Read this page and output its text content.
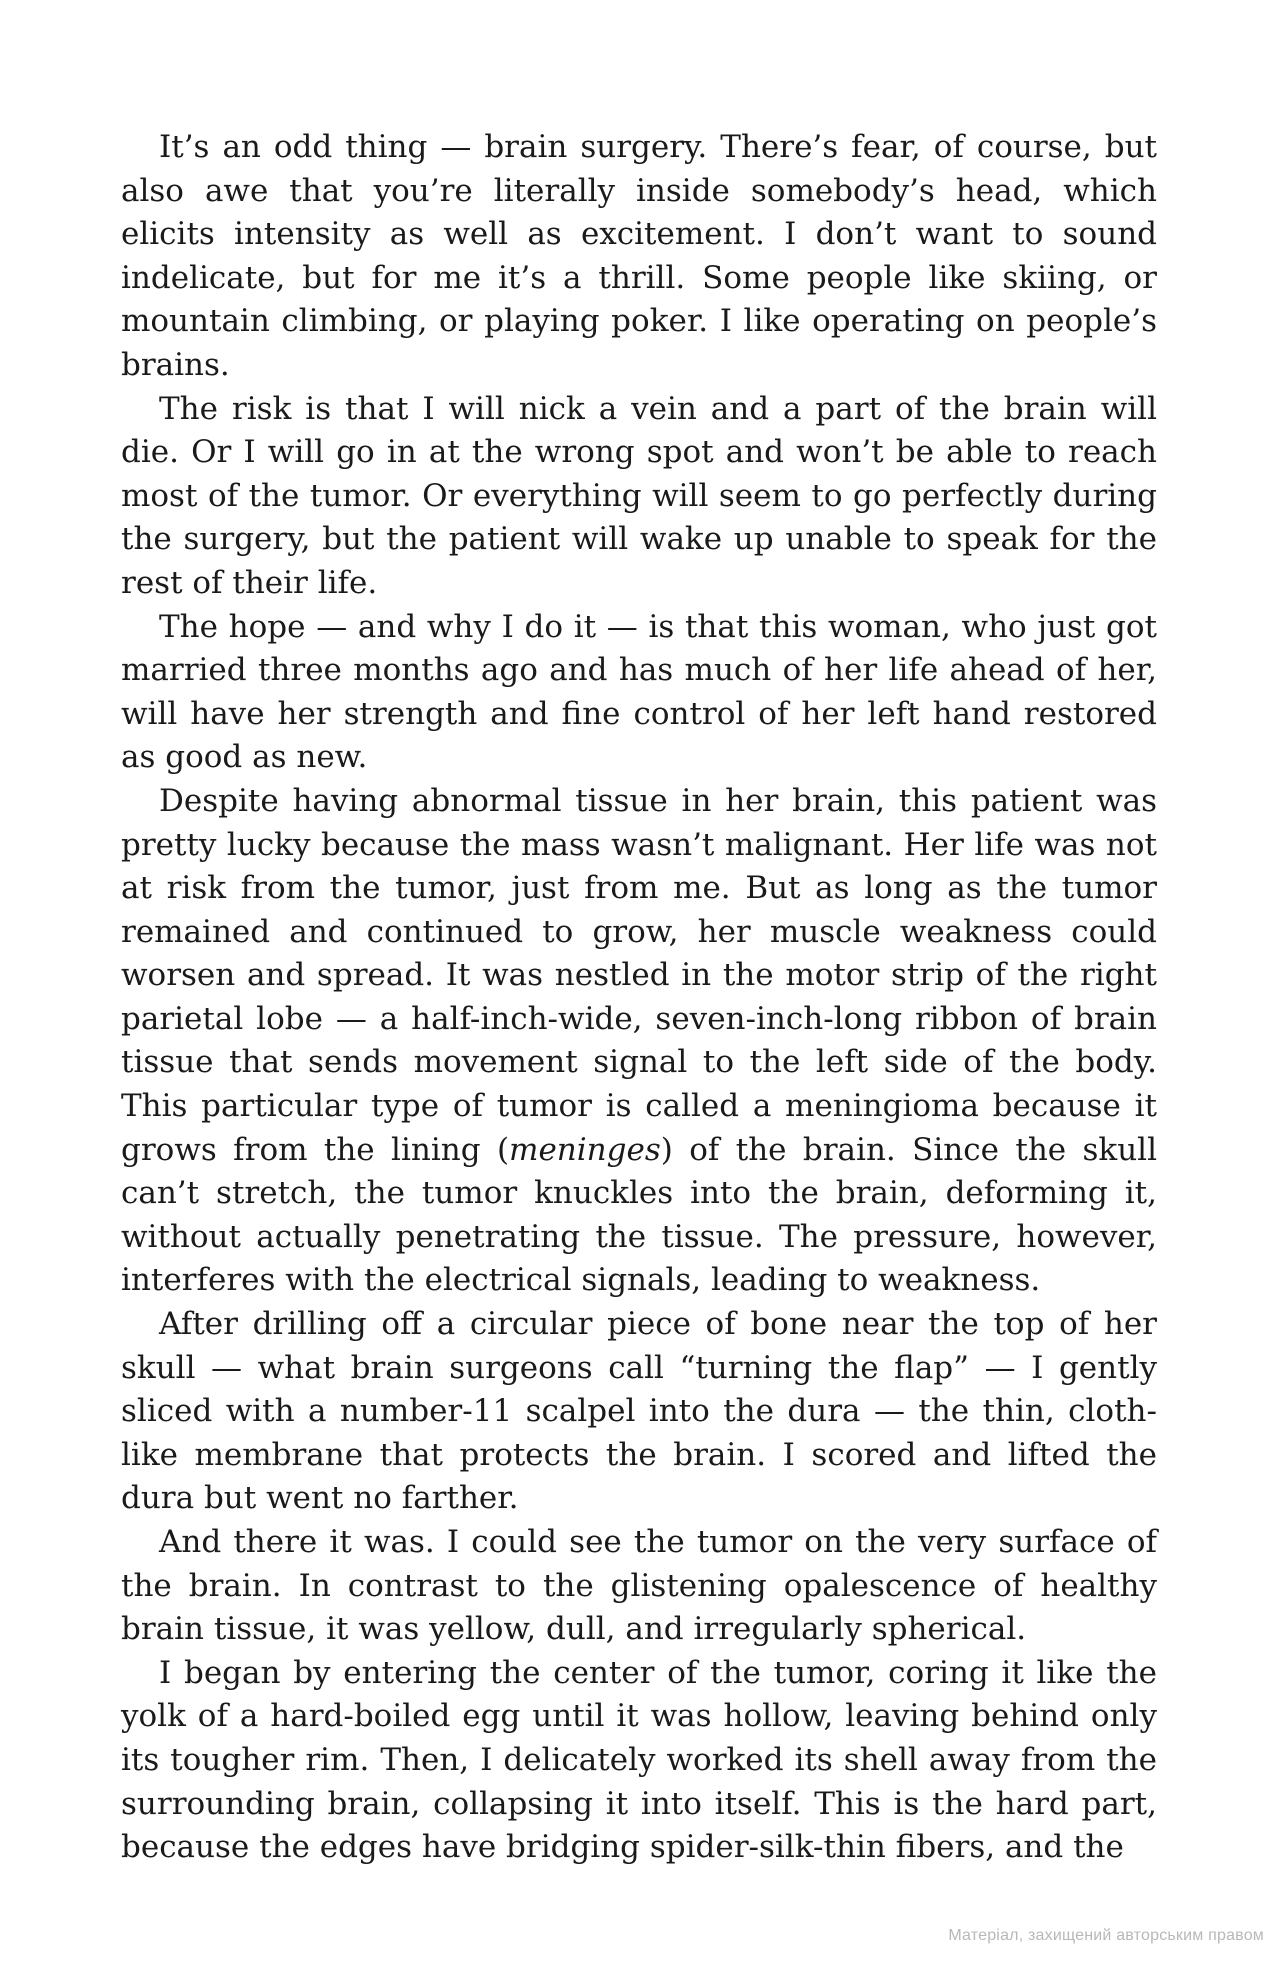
It’s an odd thing — brain surgery. There’s fear, of course, but also awe that you’re literally inside somebody’s head, which elicits intensity as well as excitement. I don’t want to sound indelicate, but for me it’s a thrill. Some people like skiing, or mountain climbing, or playing poker. I like operating on people’s brains.

The risk is that I will nick a vein and a part of the brain will die. Or I will go in at the wrong spot and won’t be able to reach most of the tumor. Or everything will seem to go perfectly during the surgery, but the patient will wake up unable to speak for the rest of their life.

The hope — and why I do it — is that this woman, who just got married three months ago and has much of her life ahead of her, will have her strength and fine control of her left hand restored as good as new.

Despite having abnormal tissue in her brain, this patient was pretty lucky because the mass wasn’t malignant. Her life was not at risk from the tumor, just from me. But as long as the tumor remained and continued to grow, her muscle weakness could worsen and spread. It was nestled in the motor strip of the right parietal lobe — a half-inch-wide, seven-inch-long ribbon of brain tissue that sends movement signal to the left side of the body. This particular type of tumor is called a meningioma because it grows from the lining (meninges) of the brain. Since the skull can’t stretch, the tumor knuckles into the brain, deforming it, without actually penetrating the tissue. The pressure, however, interferes with the electrical signals, leading to weakness.

After drilling off a circular piece of bone near the top of her skull — what brain surgeons call “turning the flap” — I gently sliced with a number-11 scalpel into the dura — the thin, cloth-like membrane that protects the brain. I scored and lifted the dura but went no farther.

And there it was. I could see the tumor on the very surface of the brain. In contrast to the glistening opalescence of healthy brain tissue, it was yellow, dull, and irregularly spherical.

I began by entering the center of the tumor, coring it like the yolk of a hard-boiled egg until it was hollow, leaving behind only its tougher rim. Then, I delicately worked its shell away from the surrounding brain, collapsing it into itself. This is the hard part, because the edges have bridging spider-silk-thin fibers, and the

Матеріал, захищений авторським правом
